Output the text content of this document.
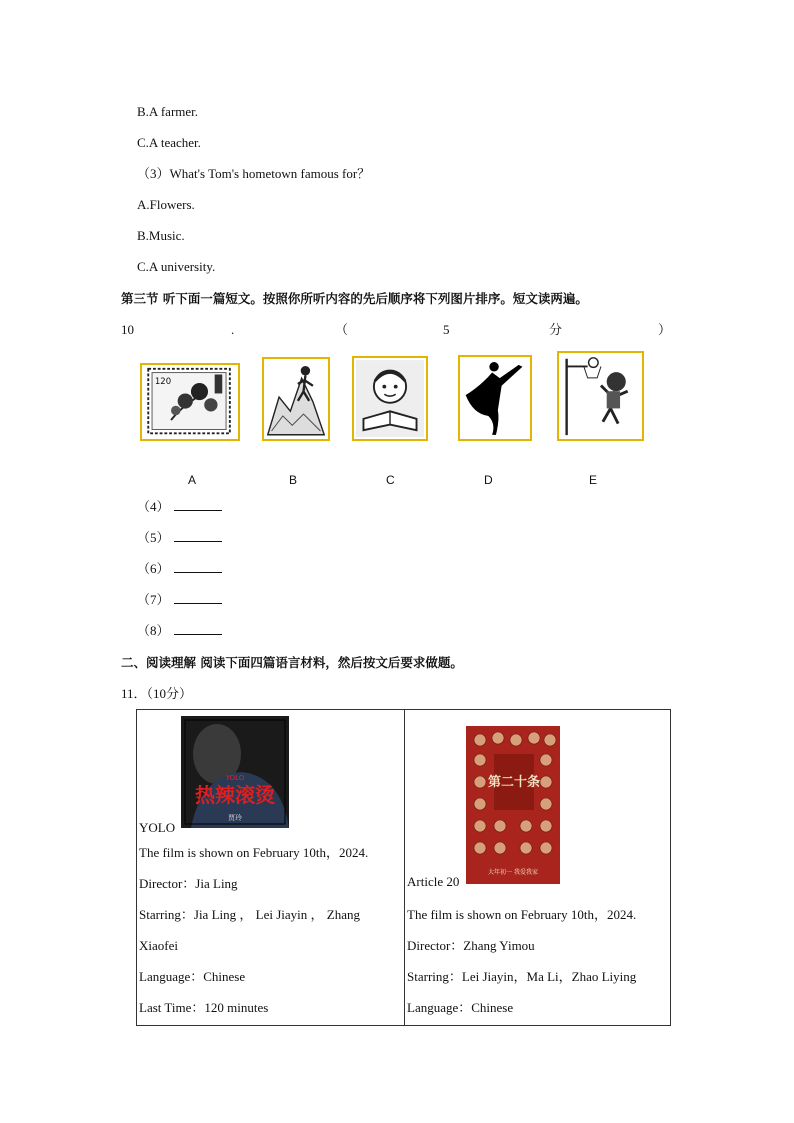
B.A farmer.
C.A teacher.
（3）What's Tom's hometown famous for？
A.Flowers.
B.Music.
C.A university.
第三节 听下面一篇短文。按照你所听内容的先后顺序将下列图片排序。短文读两遍。
10	.	（	5	分	）
120
A	B	C	D	E
（4）
（5）
（6）
（7）
（8）
二、阅读理解 阅读下面四篇语言材料，然后按文后要求做题。
11．（10分）
YOLO
热辣滚烫
贾玲
YOLO
The film is shown on February 10th，2024.
Director：Jia Ling
Starring：Jia Ling ， Lei Jiayin ， Zhang
Xiaofei
Language：Chinese
Last Time：120 minutes

第二十条
大年初一 我爱我家
Article 20
The film is shown on February 10th，2024.
Director：Zhang Yimou
Starring：Lei Jiayin，Ma Li，Zhao Liying
Language：Chinese
